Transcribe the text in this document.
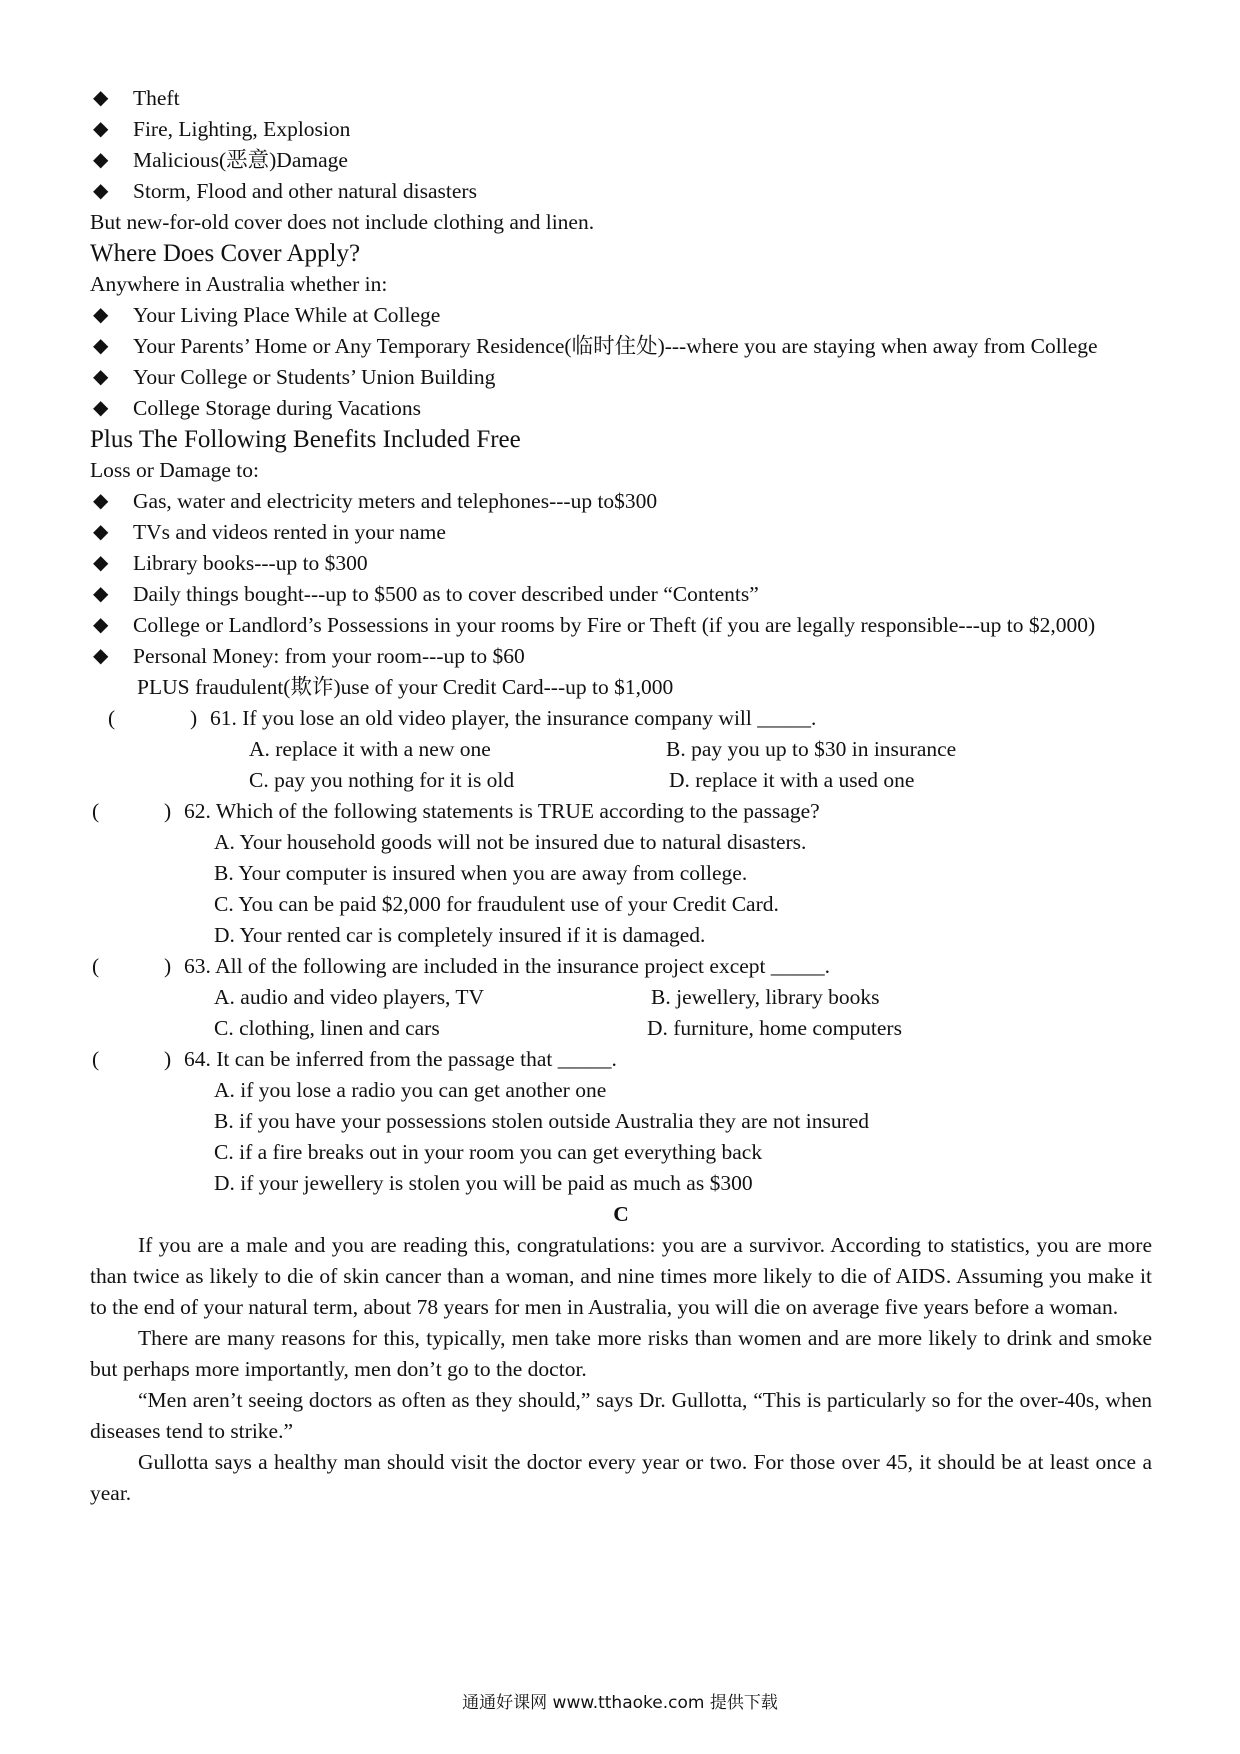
◆ Theft
◆ Fire, Lighting, Explosion
◆ Malicious(恶意)Damage
◆ Storm, Flood and other natural disasters
But new-for-old cover does not include clothing and linen.
Where Does Cover Apply?
Anywhere in Australia whether in:
◆ Your Living Place While at College
◆ Your Parents’ Home or Any Temporary Residence(临时住处)---where you are staying when away from College
◆ Your College or Students’ Union Building
◆ College Storage during Vacations
Plus The Following Benefits Included Free
Loss or Damage to:
◆ Gas, water and electricity meters and telephones---up to$300
◆ TVs and videos rented in your name
◆ Library books---up to $300
◆ Daily things bought---up to $500 as to cover described under “Contents”
◆ College or Landlord’s Possessions in your rooms by Fire or Theft (if you are legally responsible---up to $2,000)
◆ Personal Money: from your room---up to $60
PLUS fraudulent(欺诈)use of your Credit Card---up to $1,000
(	) 61. If you lose an old video player, the insurance company will _____.
A. replace it with a new one	B. pay you up to $30 in insurance
C. pay you nothing for it is old	D. replace it with a used one
(	) 62. Which of the following statements is TRUE according to the passage?
A. Your household goods will not be insured due to natural disasters.
B. Your computer is insured when you are away from college.
C. You can be paid $2,000 for fraudulent use of your Credit Card.
D. Your rented car is completely insured if it is damaged.
(	) 63. All of the following are included in the insurance project except _____.
A. audio and video players, TV	B. jewellery, library books
C. clothing, linen and cars	D. furniture, home computers
(	) 64. It can be inferred from the passage that _____.
A. if you lose a radio you can get another one
B. if you have your possessions stolen outside Australia they are not insured
C. if a fire breaks out in your room you can get everything back
D. if your jewellery is stolen you will be paid as much as $300
C
If you are a male and you are reading this, congratulations: you are a survivor. According to statistics, you are more than twice as likely to die of skin cancer than a woman, and nine times more likely to die of AIDS. Assuming you make it to the end of your natural term, about 78 years for men in Australia, you will die on average five years before a woman.
There are many reasons for this, typically, men take more risks than women and are more likely to drink and smoke but perhaps more importantly, men don’t go to the doctor.
“Men aren’t seeing doctors as often as they should,” says Dr. Gullotta, “This is particularly so for the over-40s, when diseases tend to strike.”
Gullotta says a healthy man should visit the doctor every year or two. For those over 45, it should be at least once a year.
通通好课网 www.tthaoke.com 提供下载
